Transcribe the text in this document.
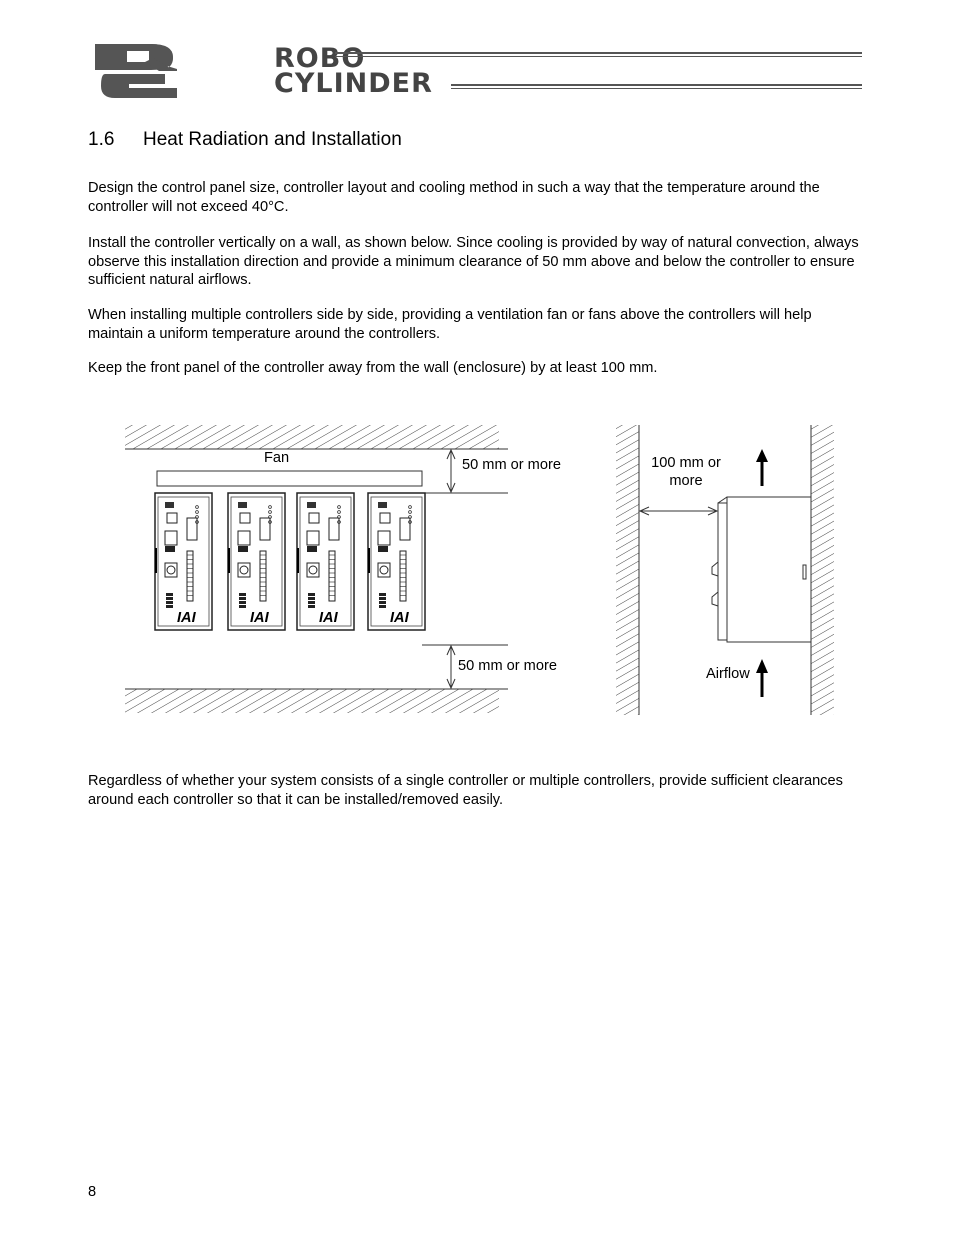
ROBO
CYLINDER
1.6 Heat Radiation and Installation
Design the control panel size, controller layout and cooling method in such a way that the temperature around the controller will not exceed 40°C.
Install the controller vertically on a wall, as shown below. Since cooling is provided by way of natural convection, always observe this installation direction and provide a minimum clearance of 50 mm above and below the controller to ensure sufficient natural airflows.
When installing multiple controllers side by side, providing a ventilation fan or fans above the controllers will help maintain a uniform temperature around the controllers.
Keep the front panel of the controller away from the wall (enclosure) by at least 100 mm.
Fan	50 mm or more
50 mm or more
IAI	IAI	IAI	IAI
100 mm or
more
Airflow
Regardless of whether your system consists of a single controller or multiple controllers, provide sufficient clearances around each controller so that it can be installed/removed easily.
8
